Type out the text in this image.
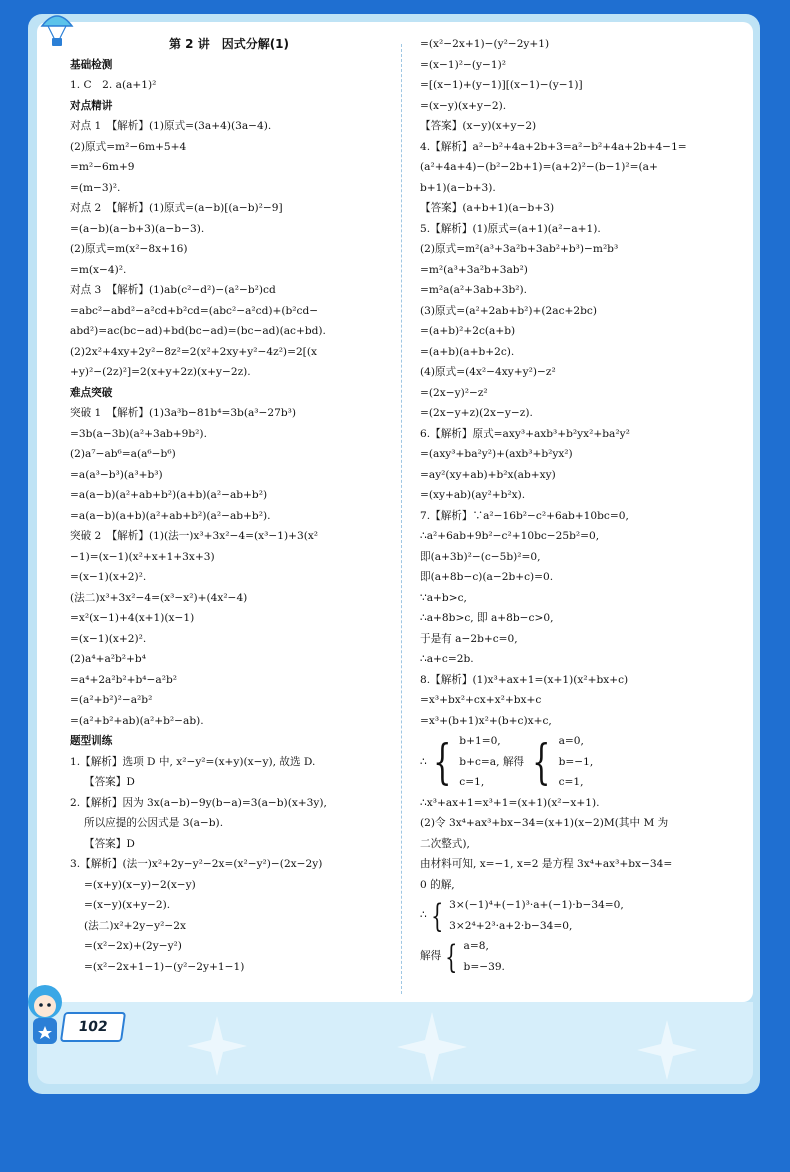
第 2 讲　因式分解(1)
基础检测
1. C　2. a(a+1)²
对点精讲
对点 1　【解析】(1)原式=(3a+4)(3a−4).
(2)原式=m²−6m+5+4
=m²−6m+9
=(m−3)².
对点 2　【解析】(1)原式=(a−b)[(a−b)²−9]
=(a−b)(a−b+3)(a−b−3).
(2)原式=m(x²−8x+16)
=m(x−4)².
对点 3　【解析】(1)ab(c²−d²)−(a²−b²)cd
=abc²−abd²−a²cd+b²cd=(abc²−a²cd)+(b²cd−
abd²)=ac(bc−ad)+bd(bc−ad)=(bc−ad)(ac+bd).
(2)2x²+4xy+2y²−8z²=2(x²+2xy+y²−4z²)=2[(x
+y)²−(2z)²]=2(x+y+2z)(x+y−2z).
难点突破
突破 1　【解析】(1)3a³b−81b⁴=3b(a³−27b³)
=3b(a−3b)(a²+3ab+9b²).
(2)a⁷−ab⁶=a(a⁶−b⁶)
=a(a³−b³)(a³+b³)
=a(a−b)(a²+ab+b²)(a+b)(a²−ab+b²)
=a(a−b)(a+b)(a²+ab+b²)(a²−ab+b²).
突破 2　【解析】(1)(法一)x³+3x²−4=(x³−1)+3(x²
−1)=(x−1)(x²+x+1+3x+3)
=(x−1)(x+2)².
(法二)x³+3x²−4=(x³−x²)+(4x²−4)
=x²(x−1)+4(x+1)(x−1)
=(x−1)(x+2)².
(2)a⁴+a²b²+b⁴
=a⁴+2a²b²+b⁴−a²b²
=(a²+b²)²−a²b²
=(a²+b²+ab)(a²+b²−ab).
题型训练
1.【解析】选项 D 中, x²−y²=(x+y)(x−y), 故选 D.
【答案】D
2.【解析】因为 3x(a−b)−9y(b−a)=3(a−b)(x+3y),
所以应提的公因式是 3(a−b).
【答案】D
3.【解析】(法一)x²+2y−y²−2x=(x²−y²)−(2x−2y)
=(x+y)(x−y)−2(x−y)
=(x−y)(x+y−2).
(法二)x²+2y−y²−2x
=(x²−2x)+(2y−y²)
=(x²−2x+1−1)−(y²−2y+1−1)
=(x²−2x+1)−(y²−2y+1)
=(x−1)²−(y−1)²
=[(x−1)+(y−1)][(x−1)−(y−1)]
=(x−y)(x+y−2).
【答案】(x−y)(x+y−2)
4.【解析】a²−b²+4a+2b+3=a²−b²+4a+2b+4−1=
(a²+4a+4)−(b²−2b+1)=(a+2)²−(b−1)²=(a+
b+1)(a−b+3).
【答案】(a+b+1)(a−b+3)
5.【解析】(1)原式=(a+1)(a²−a+1).
(2)原式=m²(a³+3a²b+3ab²+b³)−m²b³
=m²(a³+3a²b+3ab²)
=m²a(a²+3ab+3b²).
(3)原式=(a²+2ab+b²)+(2ac+2bc)
=(a+b)²+2c(a+b)
=(a+b)(a+b+2c).
(4)原式=(4x²−4xy+y²)−z²
=(2x−y)²−z²
=(2x−y+z)(2x−y−z).
6.【解析】原式=axy³+axb³+b²yx²+ba²y²
=(axy³+ba²y²)+(axb³+b²yx²)
=ay²(xy+ab)+b²x(ab+xy)
=(xy+ab)(ay²+b²x).
7.【解析】∵a²−16b²−c²+6ab+10bc=0,
∴a²+6ab+9b²−c²+10bc−25b²=0,
即(a+3b)²−(c−5b)²=0,
即(a+8b−c)(a−2b+c)=0.
∵a+b>c,
∴a+8b>c, 即 a+8b−c>0,
于是有 a−2b+c=0,
∴a+c=2b.
8.【解析】(1)x³+ax+1=(x+1)(x²+bx+c)
=x³+bx²+cx+x²+bx+c
=x³+(b+1)x²+(b+c)x+c,
∴ { b+1=0,
b+c=a, 解得
c=1, { a=0,
b=−1,
c=1,
∴x³+ax+1=x³+1=(x+1)(x²−x+1).
(2)令 3x⁴+ax³+bx−34=(x+1)(x−2)M(其中 M 为
二次整式),
由材料可知, x=−1, x=2 是方程 3x⁴+ax³+bx−34=
0 的解,
∴ { 3×(−1)⁴+(−1)³·a+(−1)·b−34=0,
3×2⁴+2³·a+2·b−34=0,
解得 { a=8,
b=−39.
102
